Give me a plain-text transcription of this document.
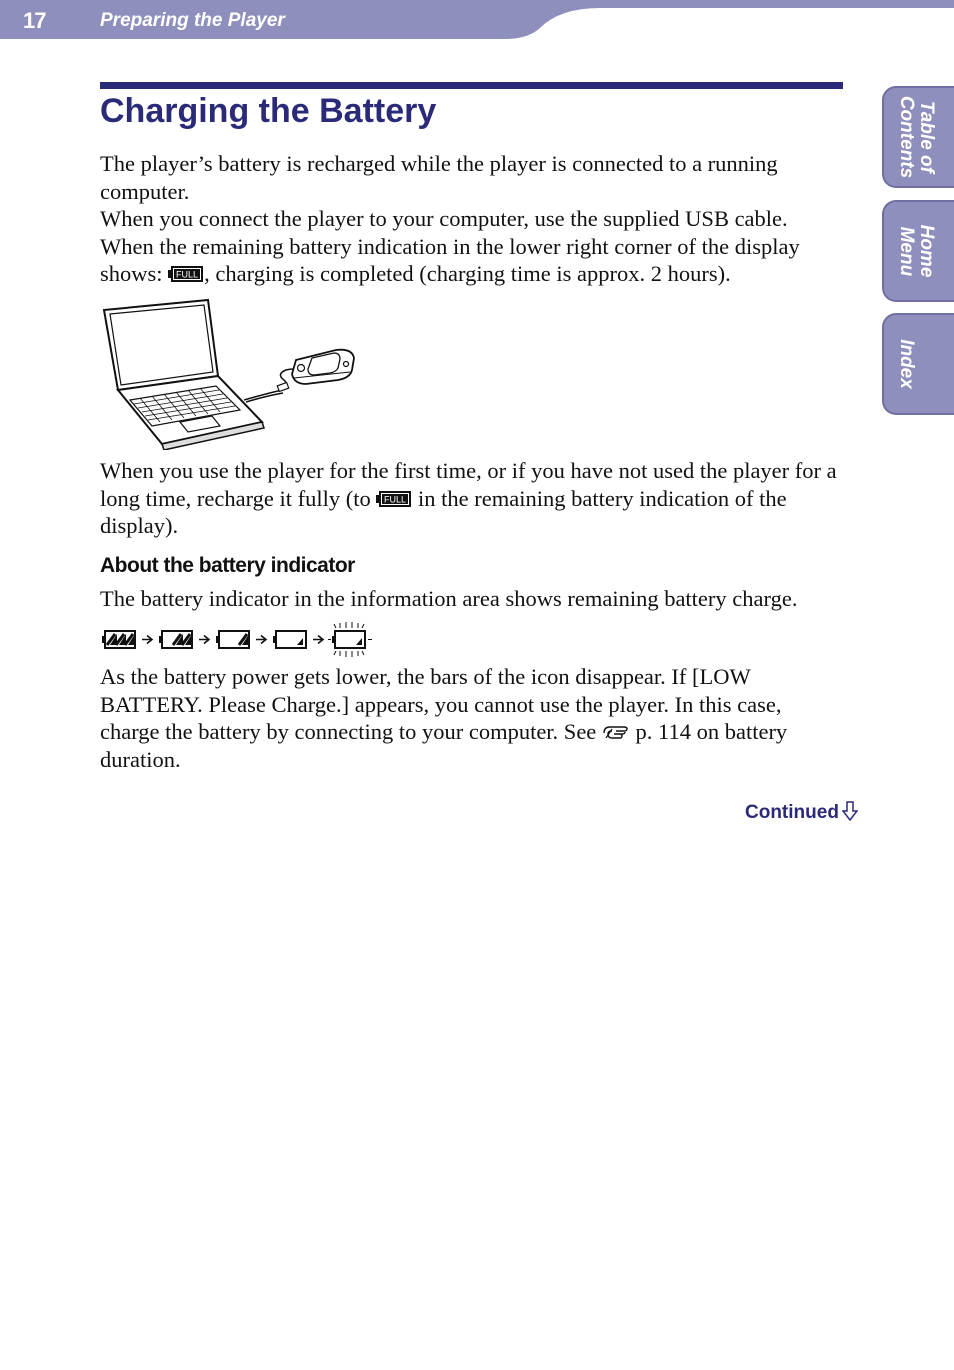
17	Preparing the Player
Table of
Contents
Home
Menu
Index
Charging the Battery

The player’s battery is recharged while the player is connected to a running computer.
When you connect the player to your computer, use the supplied USB cable. When the remaining battery indication in the lower right corner of the display shows: FULL , charging is completed (charging time is approx. 2 hours).

When you use the player for the first time, or if you have not used the player for a long time, recharge it fully (to FULL in the remaining battery indication of the display).

About the battery indicator

The battery indicator in the information area shows remaining battery charge.

As the battery power gets lower, the bars of the icon disappear. If [LOW BATTERY. Please Charge.] appears, you cannot use the player. In this case, charge the battery by connecting to your computer. See  p. 114 on battery duration.

Continued
